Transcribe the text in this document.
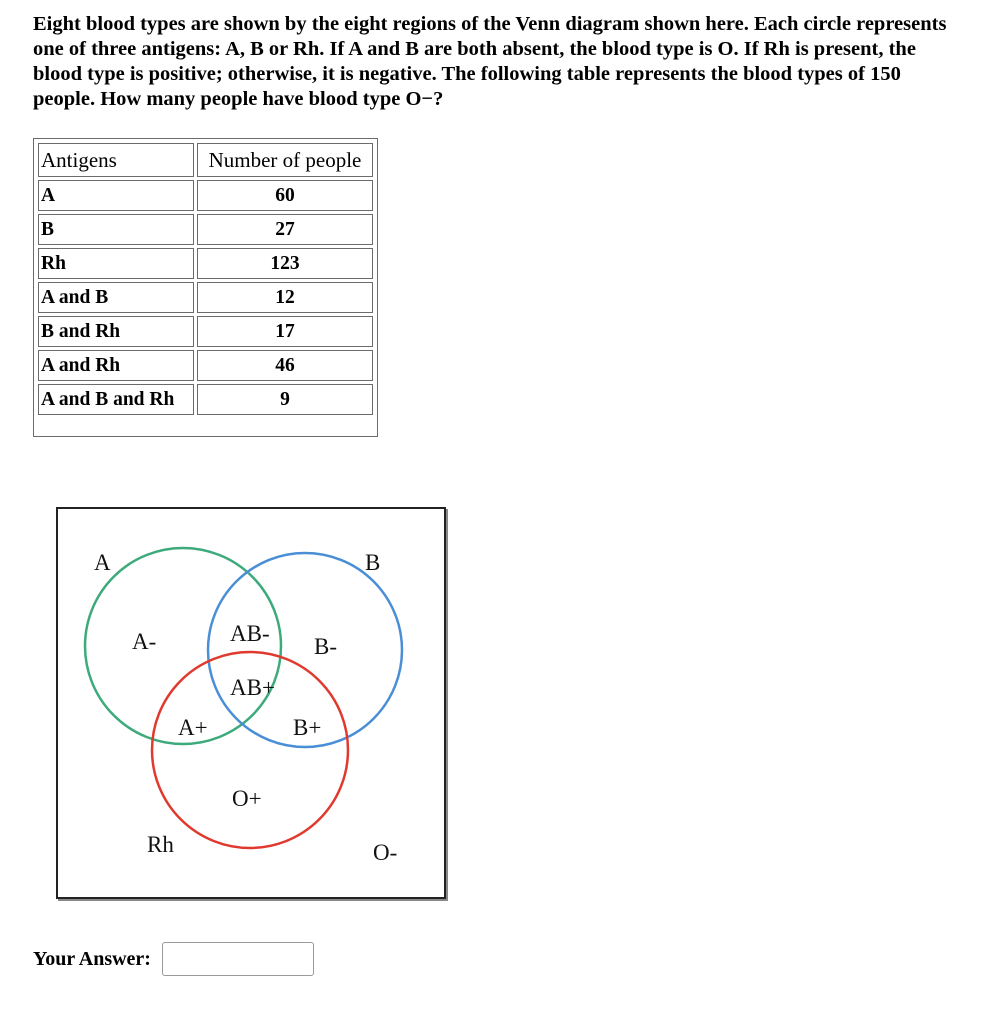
Eight blood types are shown by the eight regions of the Venn diagram shown here. Each circle represents one of three antigens: A, B or Rh. If A and B are both absent, the blood type is O. If Rh is present, the blood type is positive; otherwise, it is negative. The following table represents the blood types of 150 people. How many people have blood type O−?

Antigens	Number of people
A	60
B	27
Rh	123
A and B	12
B and Rh	17
A and Rh	46
A and B and Rh	9
A	B
Rh
A-	AB-
B-
AB+
A+	B+
O+
O-
Your Answer:
